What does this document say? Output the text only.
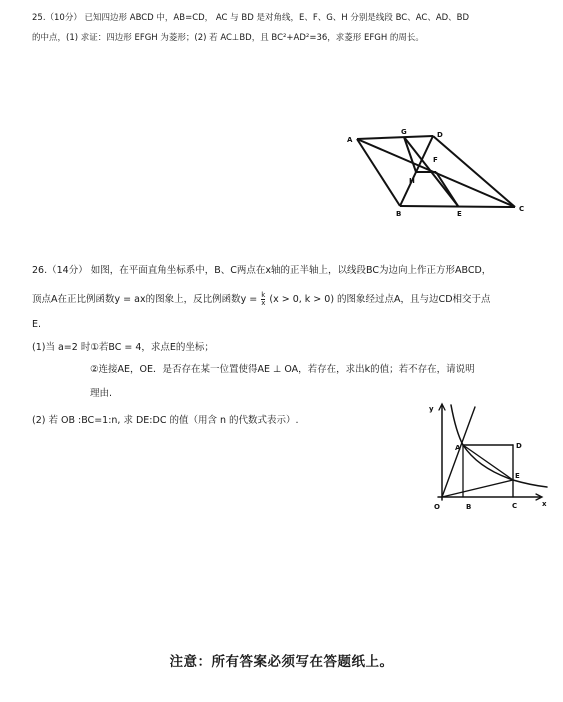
25.（10分） 已知四边形 ABCD 中，AB=CD， AC 与 BD 是对角线，E、F、G、H 分别是线段 BC、AC、AD、BD
的中点，(1) 求证：四边形 EFGH 为菱形；(2) 若 AC⊥BD，且 BC²+AD²=36，求菱形 EFGH 的周长。
A
G	D
F
H
B	E
C
26.（14分） 如图，在平面直角坐标系中，B、C两点在x轴的正半轴上，以线段BC为边向上作正方形ABCD，
顶点A在正比例函数y = ax的图象上，反比例函数$y = \frac{k}{x} (x > 0$, k > 0) 的图象经过点A，且与边CD相交于点
E.
(1)当 a=2 时①若BC = 4，求点E的坐标；
②连接AE，OE．是否存在某一位置使得AE ⊥ OA，若存在，求出k的值；若不存在，请说明
理由.
(2) 若 OB :BC=1:n, 求 DE:DC 的值（用含 n 的代数式表示）.
y
x
O
A
B	C
D
E
注意：所有答案必须写在答题纸上。
